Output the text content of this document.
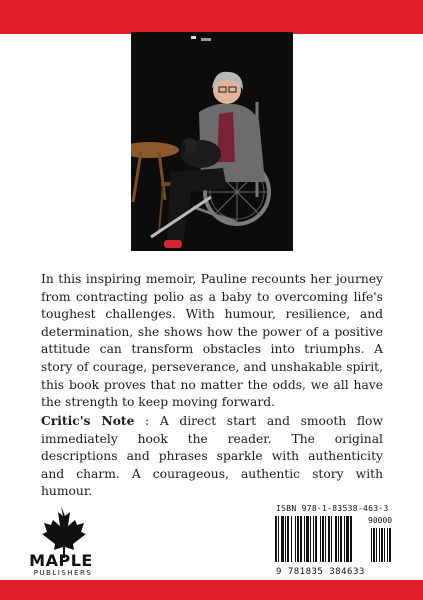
In this inspiring memoir, Pauline recounts her journey from contracting polio as a baby to overcoming life's toughest challenges. With humour, resilience, and determination, she shows how the power of a positive attitude can transform obstacles into triumphs. A story of courage, perseverance, and unshakable spirit, this book proves that no matter the odds, we all have the strength to keep moving forward.
Critic's Note : A direct start and smooth flow immediately hook the reader. The original descriptions and phrases sparkle with authenticity and charm. A courageous, authentic story with humour.
MAPLE
PUBLISHERS
ISBN 978-1-83538-463-3
90000
9 781835 384633
